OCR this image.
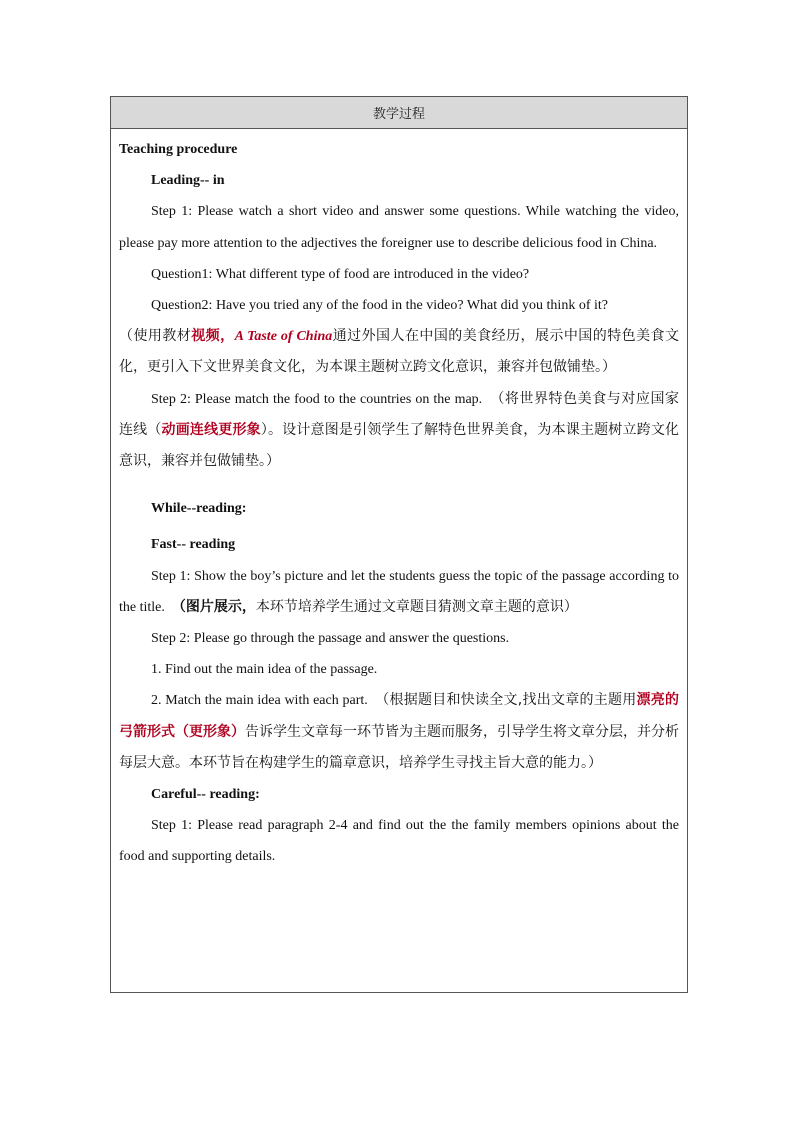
教学过程

Teaching procedure

Leading-- in

Step 1: Please watch a short video and answer some questions. While watching the video, please pay more attention to the adjectives the foreigner use to describe delicious food in China.

Question1: What different type of food are introduced in the video?

Question2: Have you tried any of the food in the video? What did you think of it?

（使用教材视频，A Taste of China通过外国人在中国的美食经历，展示中国的特色美食文化，更引入下文世界美食文化，为本课主题树立跨文化意识，兼容并包做铺垫。）

Step 2: Please match the food to the countries on the map. （将世界特色美食与对应国家连线（动画连线更形象）。设计意图是引领学生了解特色世界美食，为本课主题树立跨文化意识，兼容并包做铺垫。）

While--reading:

Fast-- reading

Step 1: Show the boy’s picture and let the students guess the topic of the passage according to the title. （图片展示，本环节培养学生通过文章题目猜测文章主题的意识）

Step 2: Please go through the passage and answer the questions.

1. Find out the main idea of the passage.

2. Match the main idea with each part. （根据题目和快读全文,找出文章的主题用漂亮的弓箭形式（更形象）告诉学生文章每一环节皆为主题而服务，引导学生将文章分层，并分析每层大意。本环节旨在构建学生的篇章意识，培养学生寻找主旨大意的能力。）

Careful-- reading:

Step 1: Please read paragraph 2-4 and find out the the family members opinions about the food and supporting details.
